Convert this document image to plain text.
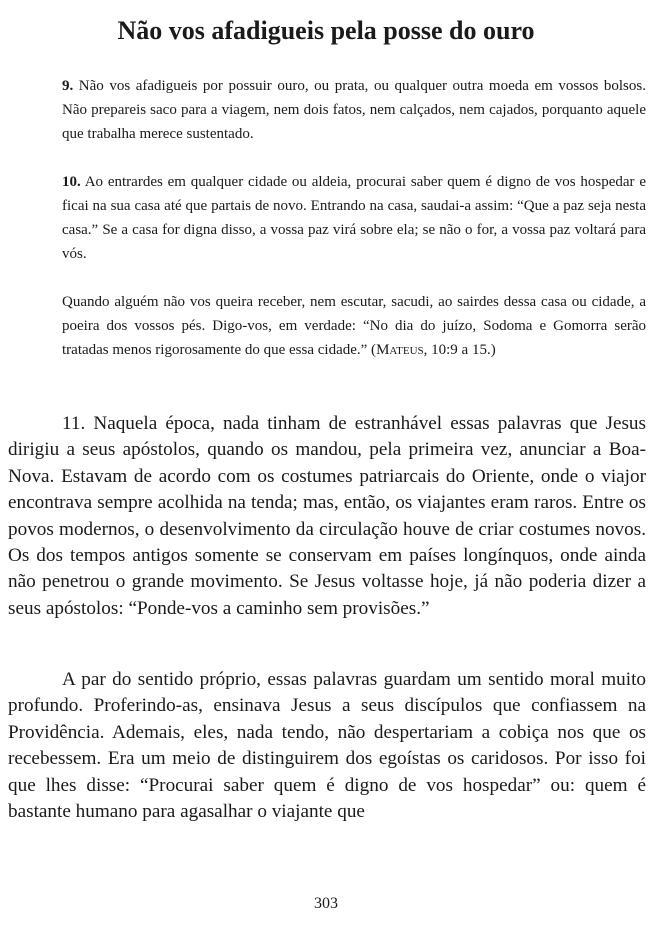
Não vos afadigueis pela posse do ouro

9. Não vos afadigueis por possuir ouro, ou prata, ou qualquer outra moeda em vossos bolsos. Não prepareis saco para a viagem, nem dois fatos, nem calçados, nem cajados, porquanto aquele que trabalha merece sustentado.

10. Ao entrardes em qualquer cidade ou aldeia, procurai saber quem é digno de vos hospedar e ficai na sua casa até que partais de novo. Entrando na casa, saudai-a assim: “Que a paz seja nesta casa.” Se a casa for digna disso, a vossa paz virá sobre ela; se não o for, a vossa paz voltará para vós.

Quando alguém não vos queira receber, nem escutar, sacudi, ao sairdes dessa casa ou cidade, a poeira dos vossos pés. Digo-vos, em verdade: “No dia do juízo, Sodoma e Gomorra serão tratadas menos rigorosamente do que essa cidade.” (Mateus, 10:9 a 15.)

11. Naquela época, nada tinham de estranhável essas palavras que Jesus dirigiu a seus apóstolos, quando os mandou, pela primeira vez, anunciar a Boa-Nova. Estavam de acordo com os costumes patriarcais do Oriente, onde o viajor encontrava sempre acolhida na tenda; mas, então, os viajantes eram raros. Entre os povos modernos, o desenvolvimento da circulação houve de criar costumes novos. Os dos tempos antigos somente se conservam em países longínquos, onde ainda não penetrou o grande movimento. Se Jesus voltasse hoje, já não poderia dizer a seus apóstolos: “Ponde-vos a caminho sem provisões.”

A par do sentido próprio, essas palavras guardam um sentido moral muito profundo. Proferindo-as, ensinava Jesus a seus discípulos que confiassem na Providência. Ademais, eles, nada tendo, não despertariam a cobiça nos que os recebessem. Era um meio de distinguirem dos egoístas os caridosos. Por isso foi que lhes disse: “Procurai saber quem é digno de vos hospedar” ou: quem é bastante humano para agasalhar o viajante que

303
